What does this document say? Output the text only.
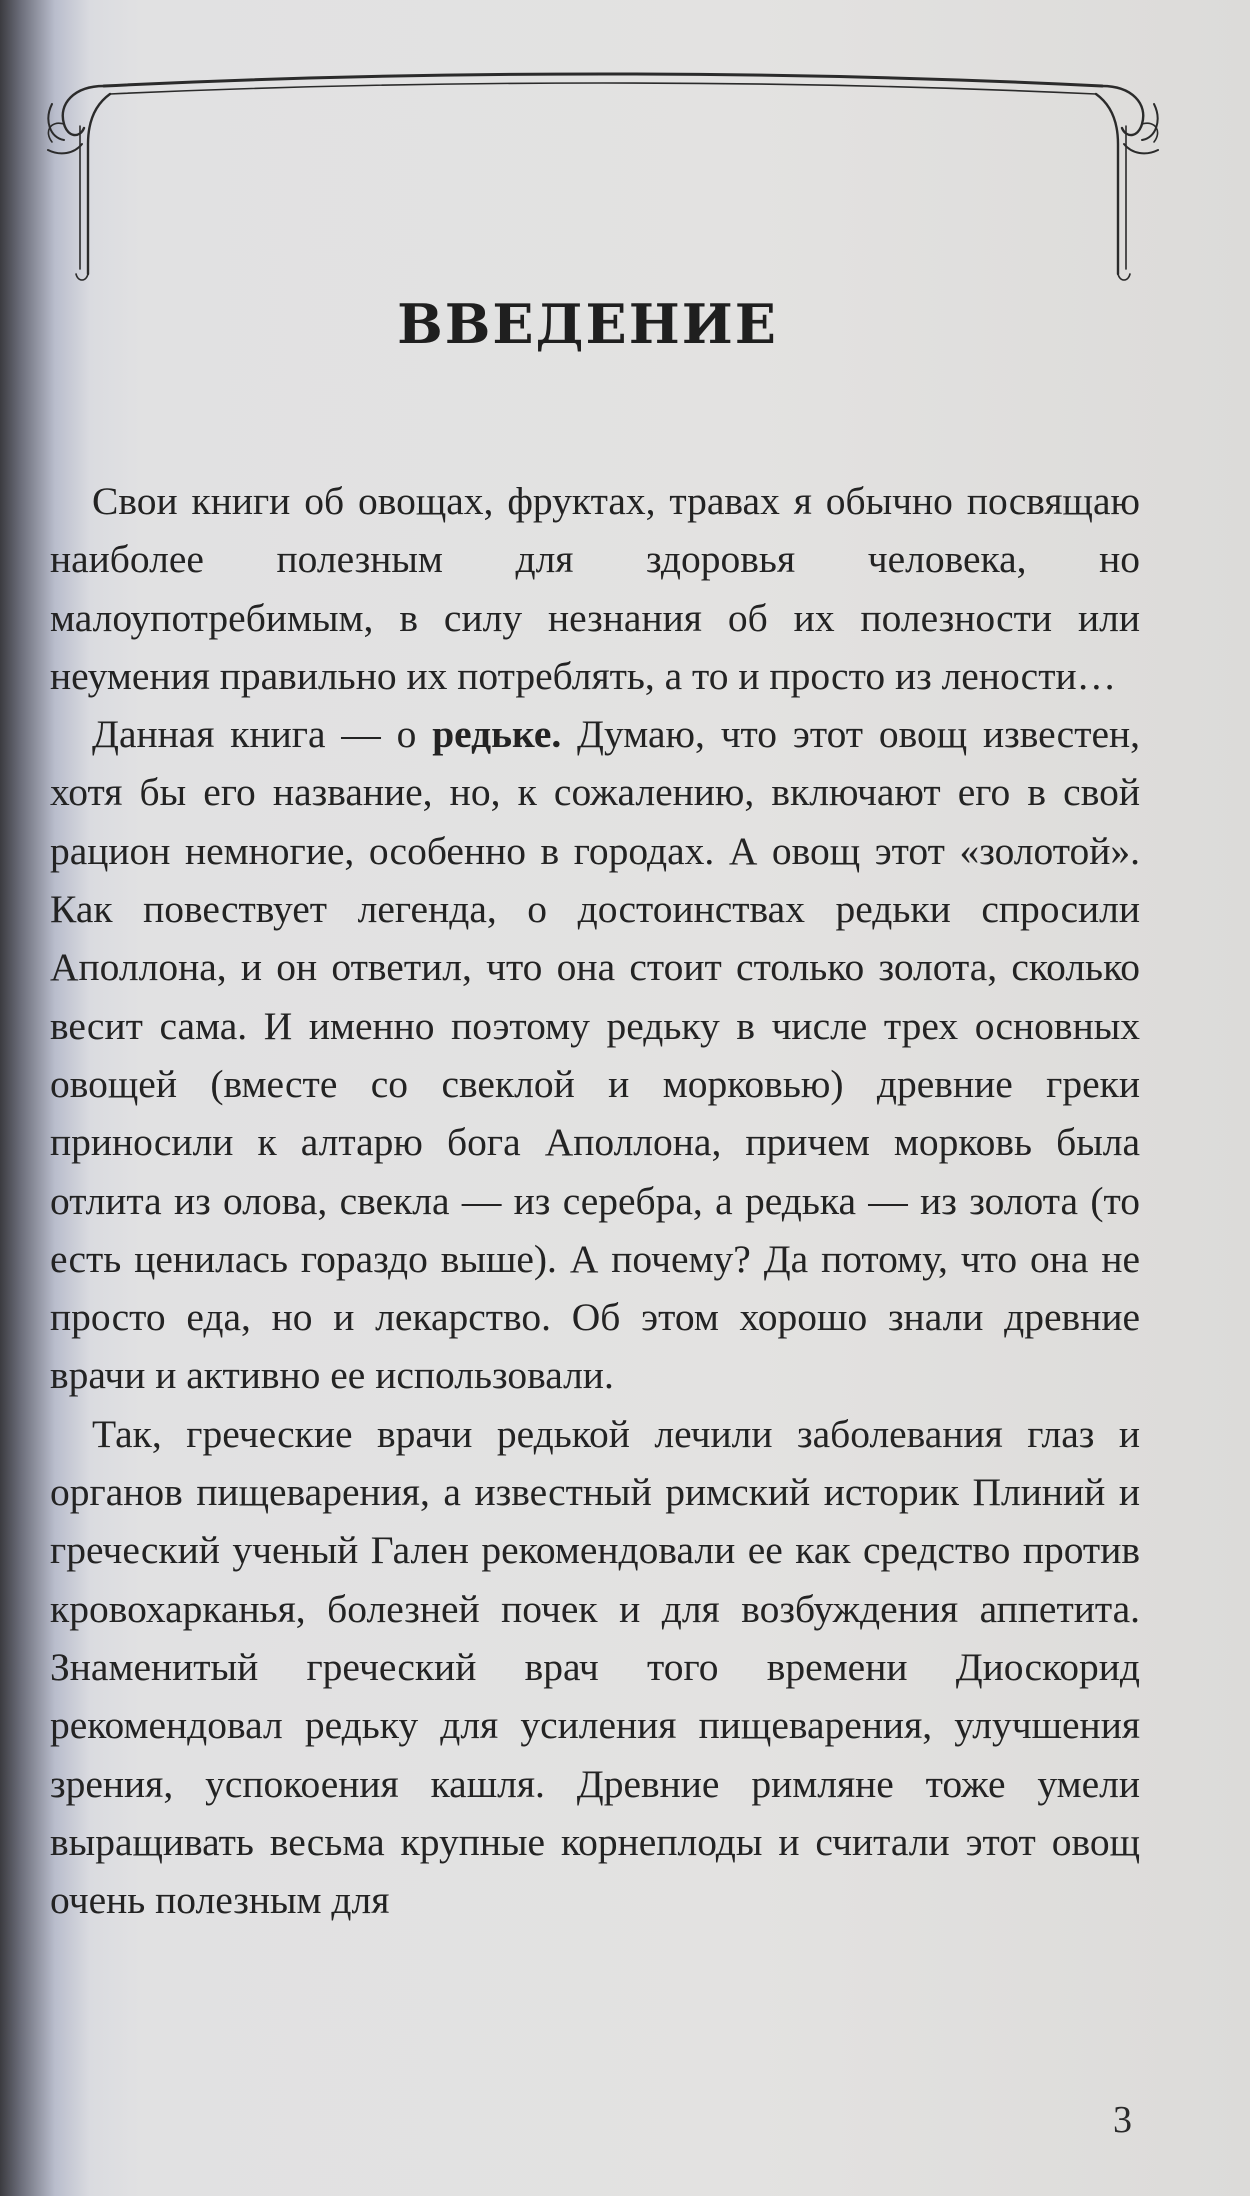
ВВЕДЕНИЕ

Свои книги об овощах, фруктах, травах я обычно посвящаю наиболее полезным для здоровья человека, но малоупотребимым, в силу незнания об их полезности или неумения правильно их потреблять, а то и просто из лености…

Данная книга — о редьке. Думаю, что этот овощ известен, хотя бы его название, но, к сожалению, включают его в свой рацион немногие, особенно в городах. А овощ этот «золотой». Как повествует легенда, о достоинствах редьки спросили Аполлона, и он ответил, что она стоит столько золота, сколько весит сама. И именно поэтому редьку в числе трех основных овощей (вместе со свеклой и морковью) древние греки приносили к алтарю бога Аполлона, причем морковь была отлита из олова, свекла — из серебра, а редька — из золота (то есть ценилась гораздо выше). А почему? Да потому, что она не просто еда, но и лекарство. Об этом хорошо знали древние врачи и активно ее использовали.

Так, греческие врачи редькой лечили заболевания глаз и органов пищеварения, а известный римский историк Плиний и греческий ученый Гален рекомендовали ее как средство против кровохарканья, болезней почек и для возбуждения аппетита. Знаменитый греческий врач того времени Диоскорид рекомендовал редьку для усиления пищеварения, улучшения зрения, успокоения кашля. Древние римляне тоже умели выращивать весьма крупные корнеплоды и считали этот овощ очень полезным для

3
